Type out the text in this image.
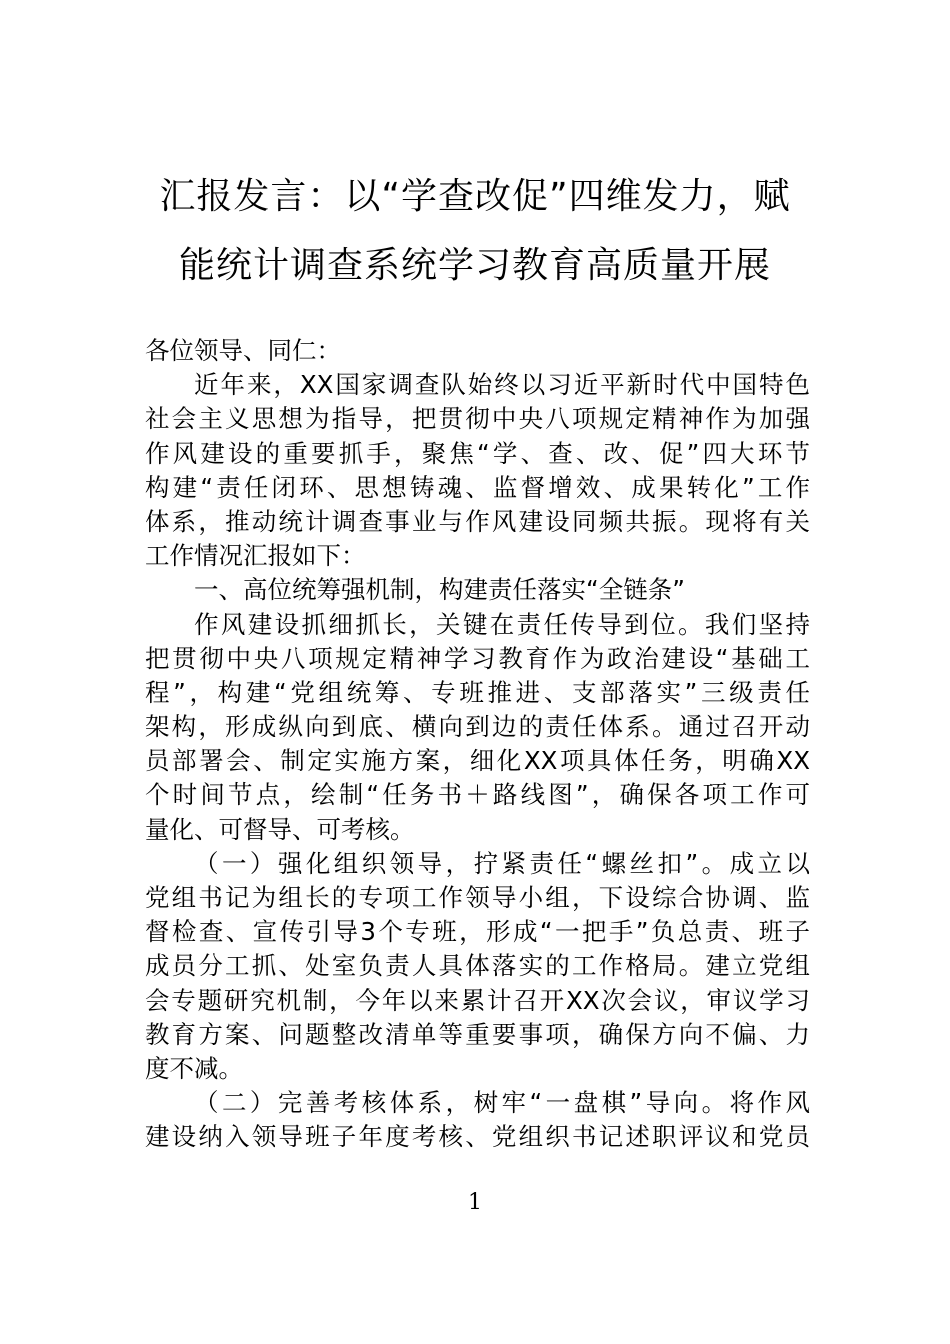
汇报发言：以“学查改促”四维发力，赋
能统计调查系统学习教育高质量开展
各位领导、同仁：
近年来，XX国家调查队始终以习近平新时代中国特色
社会主义思想为指导，把贯彻中央八项规定精神作为加强
作风建设的重要抓手，聚焦“学、查、改、促”四大环节
构建“责任闭环、思想铸魂、监督增效、成果转化”工作
体系，推动统计调查事业与作风建设同频共振。现将有关
工作情况汇报如下：
一、高位统筹强机制，构建责任落实“全链条”
作风建设抓细抓长，关键在责任传导到位。我们坚持
把贯彻中央八项规定精神学习教育作为政治建设“基础工
程”，构建“党组统筹、专班推进、支部落实”三级责任
架构，形成纵向到底、横向到边的责任体系。通过召开动
员部署会、制定实施方案，细化XX项具体任务，明确XX
个时间节点，绘制“任务书＋路线图”，确保各项工作可
量化、可督导、可考核。
（一）强化组织领导，拧紧责任“螺丝扣”。成立以
党组书记为组长的专项工作领导小组，下设综合协调、监
督检查、宣传引导3个专班，形成“一把手”负总责、班子
成员分工抓、处室负责人具体落实的工作格局。建立党组
会专题研究机制，今年以来累计召开XX次会议，审议学习
教育方案、问题整改清单等重要事项，确保方向不偏、力
度不减。
（二）完善考核体系，树牢“一盘棋”导向。将作风
建设纳入领导班子年度考核、党组织书记述职评议和党员
1
